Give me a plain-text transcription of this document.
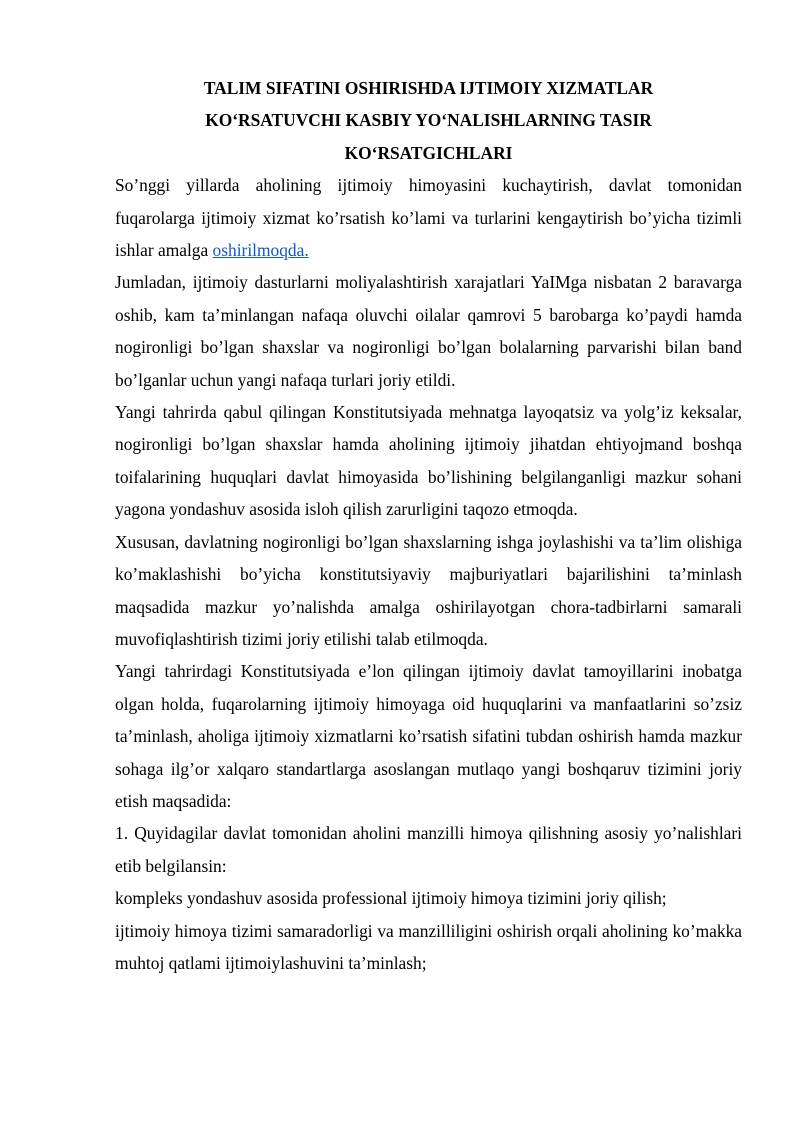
TALIM SIFATINI OSHIRISHDA IJTIMOIY XIZMATLAR
KO‘RSATUVCHI KASBIY YO‘NALISHLARNING TASIR
KO‘RSATGICHLARI

So’nggi yillarda aholining ijtimoiy himoyasini kuchaytirish, davlat tomonidan fuqarolarga ijtimoiy xizmat ko’rsatish ko’lami va turlarini kengaytirish bo’yicha tizimli ishlar amalga oshirilmoqda.

Jumladan, ijtimoiy dasturlarni moliyalashtirish xarajatlari YaIMga nisbatan 2 baravarga oshib, kam ta’minlangan nafaqa oluvchi oilalar qamrovi 5 barobarga ko’paydi hamda nogironligi bo’lgan shaxslar va nogironligi bo’lgan bolalarning parvarishi bilan band bo’lganlar uchun yangi nafaqa turlari joriy etildi.

Yangi tahrirda qabul qilingan Konstitutsiyada mehnatga layoqatsiz va yolg’iz keksalar, nogironligi bo’lgan shaxslar hamda aholining ijtimoiy jihatdan ehtiyojmand boshqa toifalarining huquqlari davlat himoyasida bo’lishining belgilanganligi mazkur sohani yagona yondashuv asosida isloh qilish zarurligini taqozo etmoqda.

Xususan, davlatning nogironligi bo’lgan shaxslarning ishga joylashishi va ta’lim olishiga ko’maklashishi bo’yicha konstitutsiyaviy majburiyatlari bajarilishini ta’minlash maqsadida mazkur yo’nalishda amalga oshirilayotgan chora-tadbirlarni samarali muvofiqlashtirish tizimi joriy etilishi talab etilmoqda.

Yangi tahrirdagi Konstitutsiyada e’lon qilingan ijtimoiy davlat tamoyillarini inobatga olgan holda, fuqarolarning ijtimoiy himoyaga oid huquqlarini va manfaatlarini so’zsiz ta’minlash, aholiga ijtimoiy xizmatlarni ko’rsatish sifatini tubdan oshirish hamda mazkur sohaga ilg’or xalqaro standartlarga asoslangan mutlaqo yangi boshqaruv tizimini joriy etish maqsadida:

1. Quyidagilar davlat tomonidan aholini manzilli himoya qilishning asosiy yo’nalishlari etib belgilansin:

kompleks yondashuv asosida professional ijtimoiy himoya tizimini joriy qilish;

ijtimoiy himoya tizimi samaradorligi va manzilliligini oshirish orqali aholining ko’makka muhtoj qatlami ijtimoiylashuvini ta’minlash;
